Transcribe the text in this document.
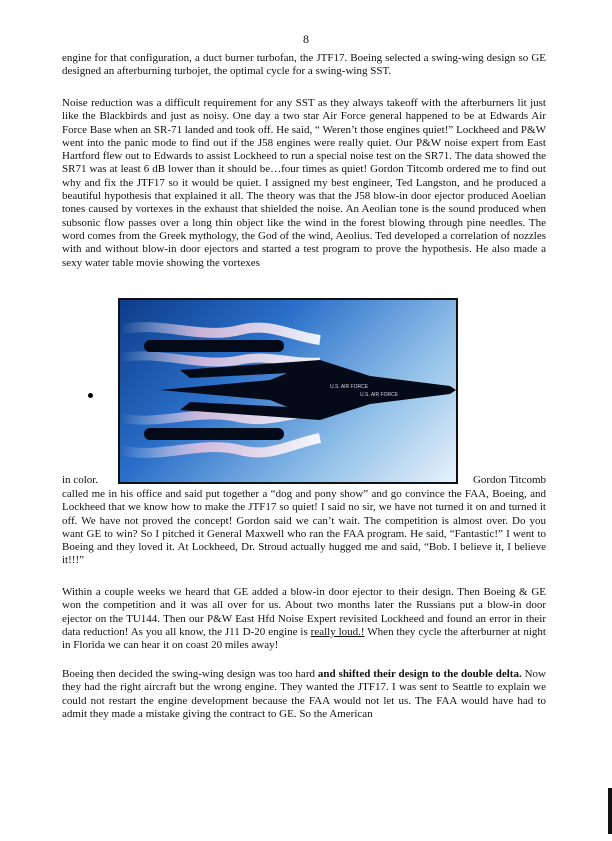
8

engine for that configuration, a duct burner turbofan, the JTF17. Boeing selected a swing-wing design so GE designed an afterburning turbojet, the optimal cycle for a swing-wing SST.

Noise reduction was a difficult requirement for any SST as they always takeoff with the afterburners lit just like the Blackbirds and just as noisy. One day a two star Air Force general happened to be at Edwards Air Force Base when an SR-71 landed and took off. He said, “ Weren’t those engines quiet!” Lockheed and P&W went into the panic mode to find out if the J58 engines were really quiet. Our P&W noise expert from East Hartford flew out to Edwards to assist Lockheed to run a special noise test on the SR71. The data showed the SR71 was at least 6 dB lower than it should be…four times as quiet! Gordon Titcomb ordered me to find out why and fix the JTF17 so it would be quiet. I assigned my best engineer, Ted Langston, and he produced a beautiful hypothesis that explained it all. The theory was that the J58 blow-in door ejector produced Aoelian tones caused by vortexes in the exhaust that shielded the noise. An Aeolian tone is the sound produced when subsonic flow passes over a long thin object like the wind in the forest blowing through pine needles. The word comes from the Greek mythology, the God of the wind, Aeolius. Ted developed a correlation of nozzles with and without blow-in door ejectors and started a test program to prove the hypothesis. He also made a sexy water table movie showing the vortexes

U.S. AIR FORCE
U.S. AIR FORCE

in color.	Gordon Titcomb

called me in his office and said put together a “dog and pony show” and go convince the FAA, Boeing, and Lockheed that we know how to make the JTF17 so quiet! I said no sir, we have not turned it on and turned it off. We have not proved the concept! Gordon said we can’t wait. The competition is almost over. Do you want GE to win? So I pitched it General Maxwell who ran the FAA program. He said, “Fantastic!” I went to Boeing and they loved it. At Lockheed, Dr. Stroud actually hugged me and said, “Bob. I believe it, I believe it!!!”

Within a couple weeks we heard that GE added a blow-in door ejector to their design. Then Boeing & GE won the competition and it was all over for us. About two months later the Russians put a blow-in door ejector on the TU144. Then our P&W East Hfd Noise Expert revisited Lockheed and found an error in their data reduction! As you all know, the J11 D-20 engine is really loud.! When they cycle the afterburner at night in Florida we can hear it on coast 20 miles away!

Boeing then decided the swing-wing design was too hard and shifted their design to the double delta. Now they had the right aircraft but the wrong engine. They wanted the JTF17. I was sent to Seattle to explain we could not restart the engine development because the FAA would not let us. The FAA would have had to admit they made a mistake giving the contract to GE. So the American
